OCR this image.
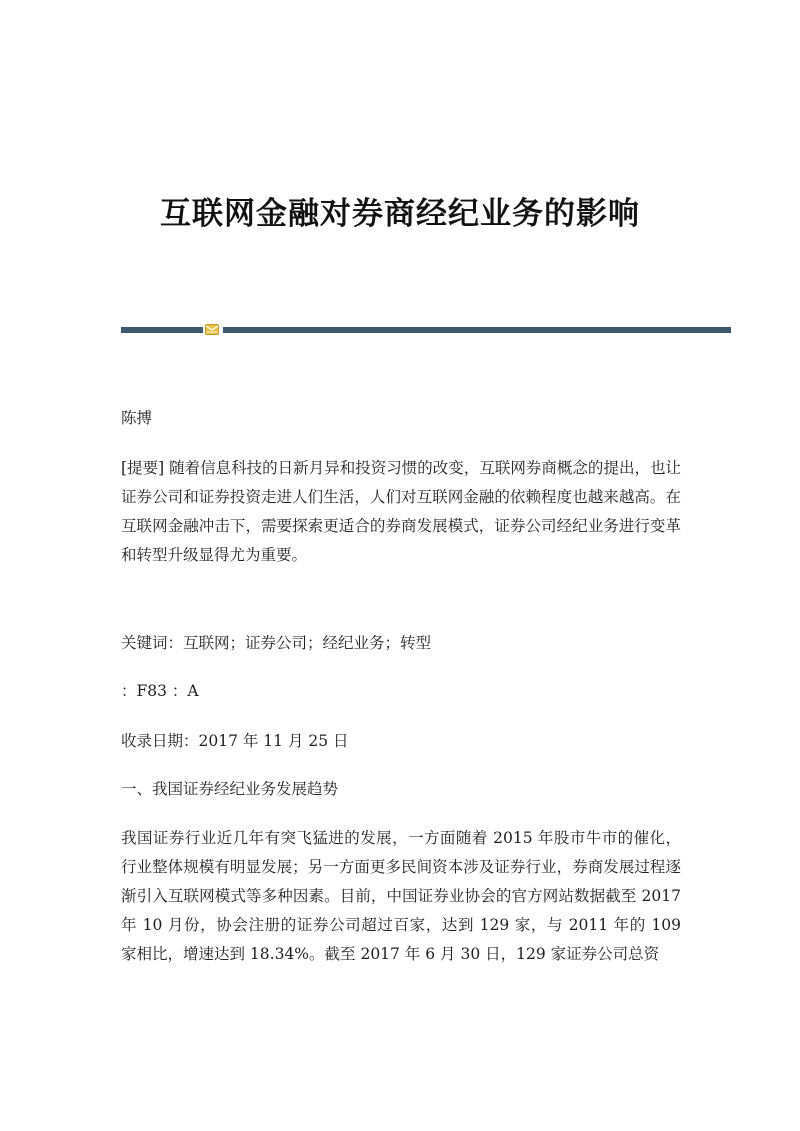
互联网金融对券商经纪业务的影响

陈搏

[提要] 随着信息科技的日新月异和投资习惯的改变，互联网券商概念的提出，也让证券公司和证券投资走进人们生活，人们对互联网金融的依赖程度也越来越高。在互联网金融冲击下，需要探索更适合的券商发展模式，证券公司经纪业务进行变革和转型升级显得尤为重要。

关键词：互联网；证券公司；经纪业务；转型

：F83 ：A

收录日期：2017 年 11 月 25 日

一、我国证券经纪业务发展趋势

我国证券行业近几年有突飞猛进的发展，一方面随着 2015 年股市牛市的催化，行业整体规模有明显发展；另一方面更多民间资本涉及证券行业，券商发展过程逐渐引入互联网模式等多种因素。目前，中国证券业协会的官方网站数据截至 2017 年 10 月份，协会注册的证券公司超过百家，达到 129 家，与 2011 年的 109 家相比，增速达到 18.34%。截至 2017 年 6 月 30 日，129 家证券公司总资
